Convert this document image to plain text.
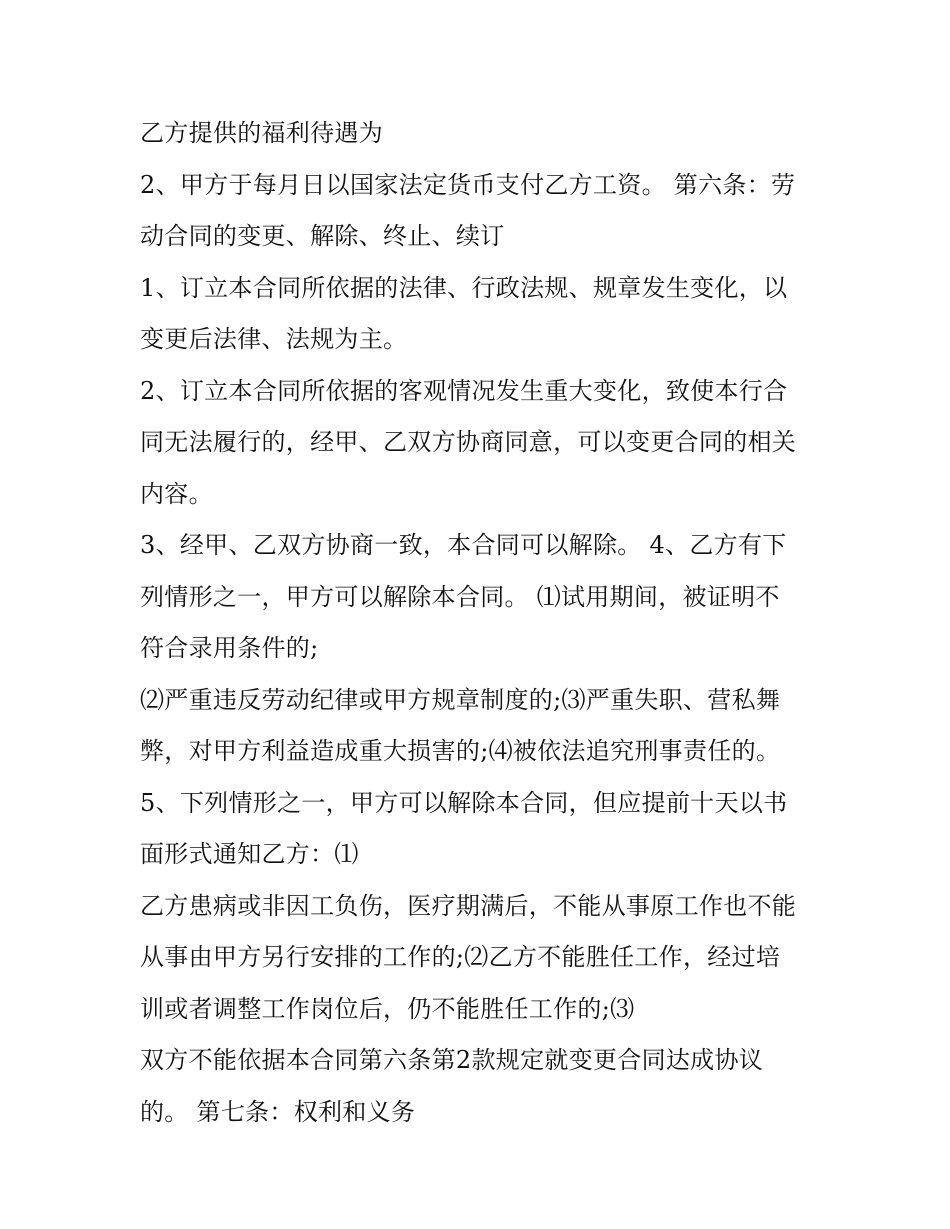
乙方提供的福利待遇为
2、甲方于每月日以国家法定货币支付乙方工资。 第六条：劳
动合同的变更、解除、终止、续订
1、订立本合同所依据的法律、行政法规、规章发生变化，以
变更后法律、法规为主。
2、订立本合同所依据的客观情况发生重大变化，致使本行合
同无法履行的，经甲、乙双方协商同意，可以变更合同的相关
内容。
3、经甲、乙双方协商一致，本合同可以解除。 4、乙方有下
列情形之一，甲方可以解除本合同。 ⑴试用期间，被证明不
符合录用条件的;
⑵严重违反劳动纪律或甲方规章制度的;⑶严重失职、营私舞
弊，对甲方利益造成重大损害的;⑷被依法追究刑事责任的。
5、下列情形之一，甲方可以解除本合同，但应提前十天以书
面形式通知乙方：⑴
乙方患病或非因工负伤，医疗期满后，不能从事原工作也不能
从事由甲方另行安排的工作的;⑵乙方不能胜任工作，经过培
训或者调整工作岗位后，仍不能胜任工作的;⑶
双方不能依据本合同第六条第2款规定就变更合同达成协议
的。 第七条：权利和义务
